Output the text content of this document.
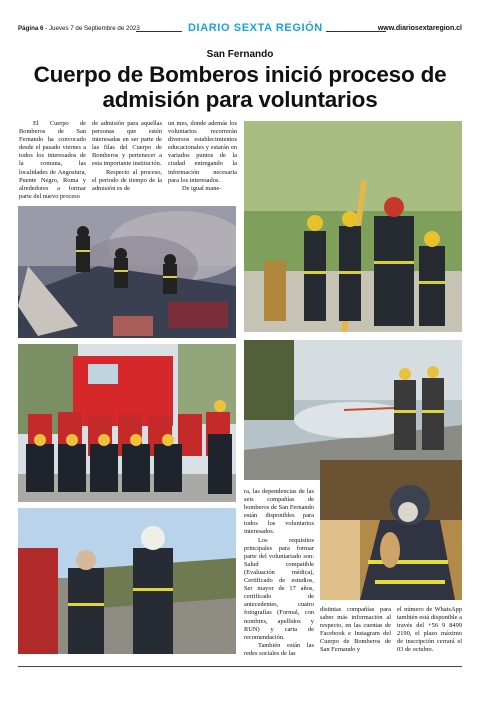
Página 6 - Jueves 7 de Septiembre de 2023	DIARIO SEXTA REGIÓN	www.diariosextaregion.cl
San Fernando
Cuerpo de Bomberos inició proceso de admisión para voluntarios

El Cuerpo de Bomberos de San Fernando ha convocado desde el pasado viernes a todos los interesados de la comuna, las localidades de Angostura, Puente Negro, Roma y alrededores a formar parte del nuevo proceso

de admisión para aquellas personas que estén interesadas en ser parte de las filas del Cuerpo de Bomberos y pertenecer a esta importante institución.

Respecto al proceso, el periodo de tiempo de la admisión es de

un mes, donde además los voluntarios recorrerán diversos establecimientos educacionales y estarán en variados puntos de la ciudad entregando la información necesaria para los interesados.

De igual mane-

ra, las dependencias de las seis compañías de bomberos de San Fernando están disponibles para todos los voluntarios interesados.

Los requisitos principales para formar parte del voluntariado son: Salud compatible (Evaluación médica), Certificado de estudios, Ser mayor de 17 años, certificado de antecedentes, cuatro fotografías (Formal, con nombres, apellidos y RUN) y carta de recomendación.

También están las redes sociales de las

distintas compañías para saber más información al respecto, en las cuentas de Facebook e Instagram del Cuerpo de Bomberos de San Fernando y

el número de WhatsApp también está disponible a través del +56 9 8499 2190, el plazo máximo de inscripción cerrará el 03 de octubre.
